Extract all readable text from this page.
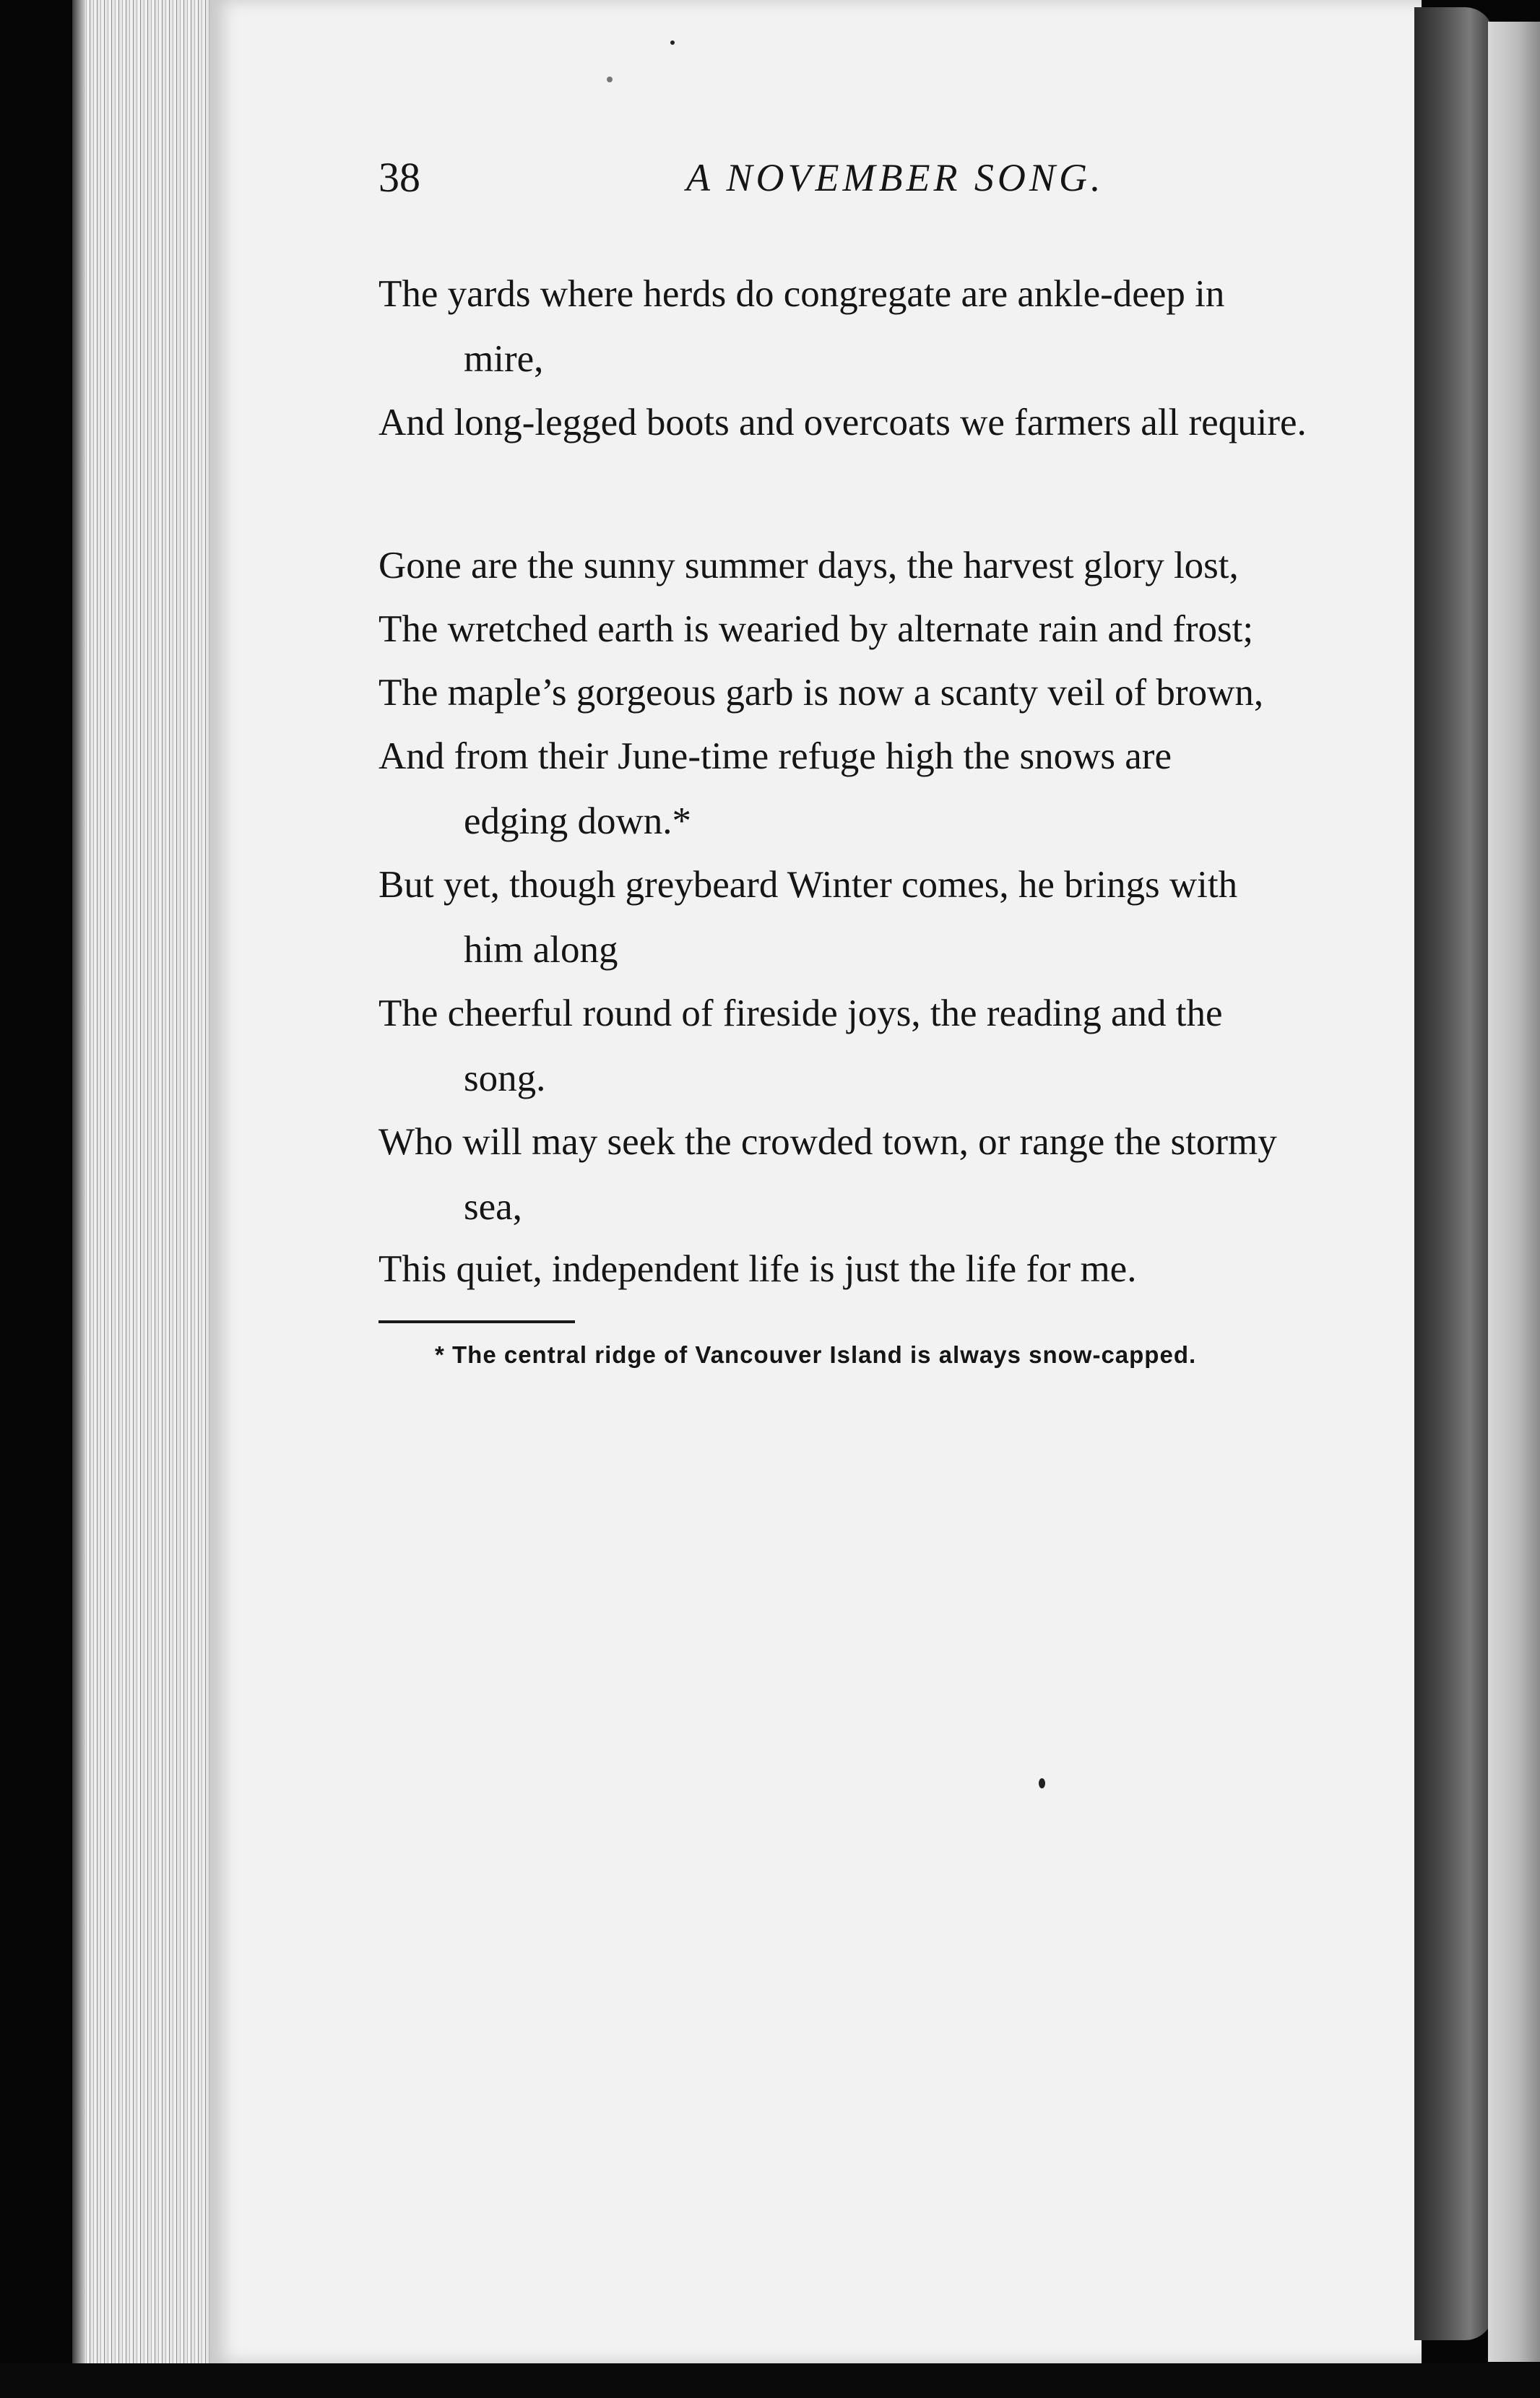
38	A NOVEMBER SONG.
The yards where herds do congregate are ankle-deep in
mire,
And long-legged boots and overcoats we farmers all require.
Gone are the sunny summer days, the harvest glory lost,
The wretched earth is wearied by alternate rain and frost;
The maple’s gorgeous garb is now a scanty veil of brown,
And from their June-time refuge high the snows are
edging down.*
But yet, though greybeard Winter comes, he brings with
him along
The cheerful round of fireside joys, the reading and the
song.
Who will may seek the crowded town, or range the stormy
sea,
This quiet, independent life is just the life for me.
* The central ridge of Vancouver Island is always snow-capped.
